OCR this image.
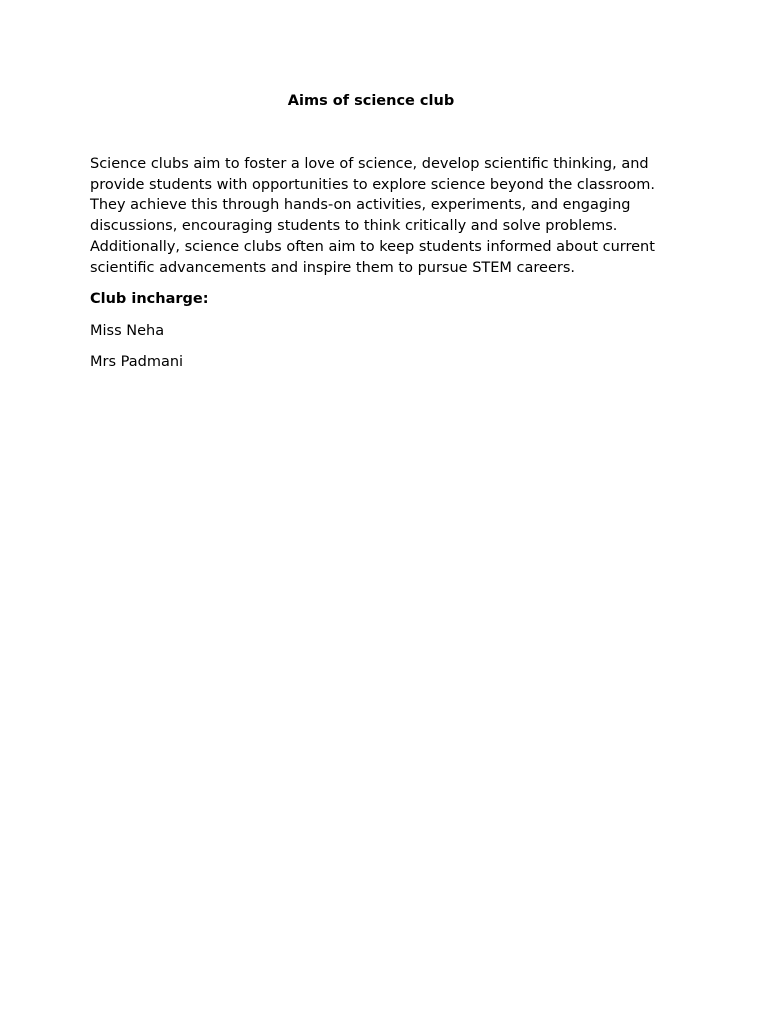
Aims of science club

Science clubs aim to foster a love of science, develop scientific thinking, and
provide students with opportunities to explore science beyond the classroom.
They achieve this through hands-on activities, experiments, and engaging
discussions, encouraging students to think critically and solve problems.
Additionally, science clubs often aim to keep students informed about current
scientific advancements and inspire them to pursue STEM careers.

Club incharge:
Miss Neha
Mrs Padmani
